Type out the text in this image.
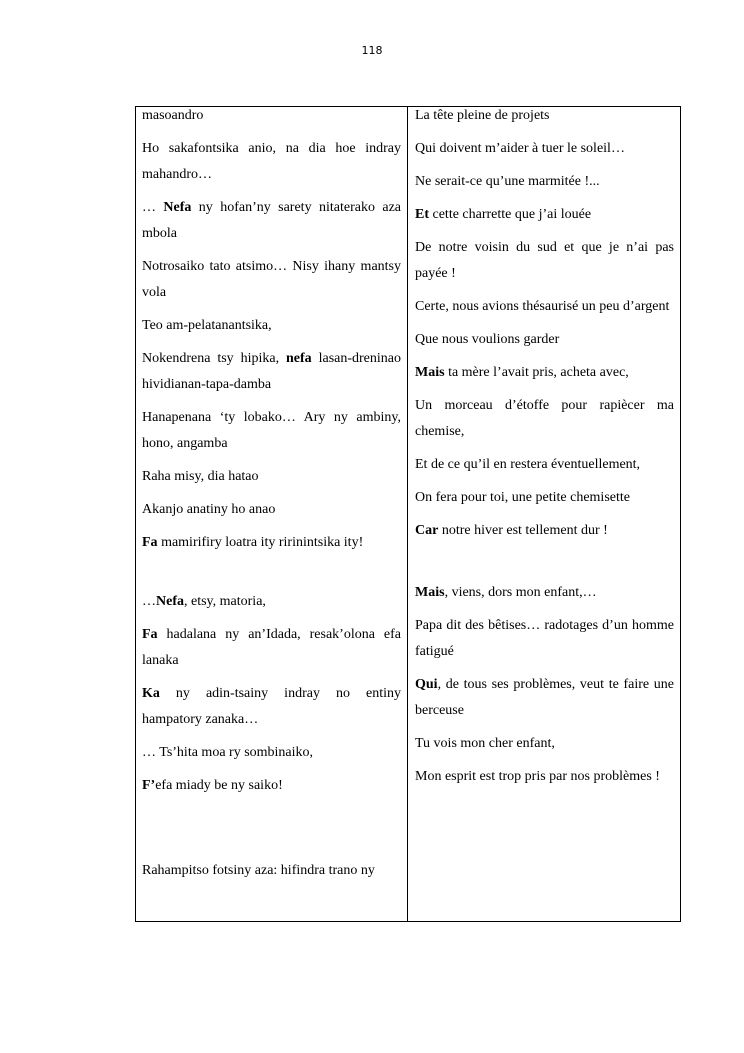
118

masoandro

Ho sakafontsika anio, na dia hoe indray mahandro…

… Nefa ny hofan’ny sarety nitaterako aza mbola

Notrosaiko tato atsimo… Nisy ihany mantsy vola

Teo am-pelatanantsika,

Nokendrena tsy hipika, nefa lasan-dreninao hividianan-tapa-damba

Hanapenana ‘ty lobako… Ary ny ambiny, hono, angamba

Raha misy, dia hatao

Akanjo anatiny ho anao

Fa mamirifiry loatra ity ririnintsika ity!

…Nefa, etsy, matoria,

Fa hadalana ny an’Idada, resak’olona efa lanaka

Ka ny adin-tsainy indray no entiny hampatory zanaka…

… Ts’hita moa ry sombinaiko,

F’efa miady be ny saiko!

Rahampitso fotsiny aza: hifindra trano ny

La tête pleine de projets

Qui doivent m’aider à tuer le soleil…

Ne serait-ce qu’une marmitée !...

Et cette charrette que j’ai louée

De notre voisin du sud et que je n’ai pas payée !

Certe, nous avions thésaurisé un peu d’argent

Que nous voulions garder

Mais ta mère l’avait pris, acheta avec,

Un morceau d’étoffe pour rapiècer ma chemise,

Et de ce qu’il en restera éventuellement,

On fera pour toi, une petite chemisette

Car notre hiver est tellement dur !

Mais, viens, dors mon enfant,…

Papa dit des bêtises… radotages d’un homme fatigué

Qui, de tous ses problèmes, veut te faire une berceuse

Tu vois mon cher enfant,

Mon esprit est trop pris par nos problèmes !
